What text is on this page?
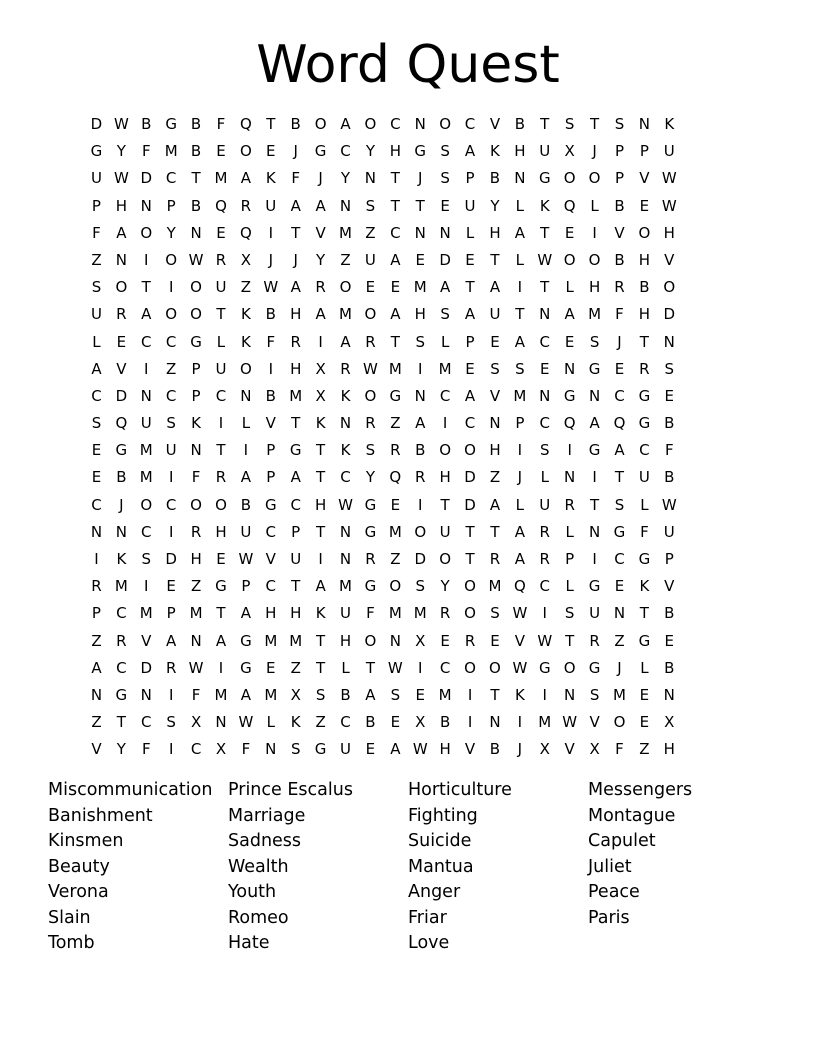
Word Quest
D W B G B	F Q T	B O A O C N O C V B	T	S	T	S N K
G Y	F M B	E O E	J	G C	Y H G S	A K H U X	J	P	P U
U W D C	T M A K	F	J	Y N T	J	S	P	B N G O O P	V W
P H N P	B Q R U A A N S	T	T	E U Y	L	K Q L	B	E W
F	A O Y N E Q	I	T	V M Z C N N	L	H A	T	E	I	V O H
Z N	I	O W R X	J	J	Y	Z U A	E D E	T	L W O O B H V
S O T	I	O U Z W A R O E	E M A	T	A	I	T	L	H R B O
U R A O O T	K B H A M O A H S	A U T N A M F H D
L	E C C G L	K	F	R	I	A R	T	S	L	P	E	A C E	S	J	T N
A V	I	Z	P U O	I	H X R W M	I	M E	S	S	E N G E R S
C D N C	P	C N B M X K O G N C A V M N G N C G E
S Q U S	K	I	L	V	T	K N R Z A	I	C N P	C Q A Q G B
E G M U N T	I	P G T	K	S R B O O H	I	S	I	G A C	F
E	B M	I	F	R A	P	A	T	C	Y Q R H D Z	J	L	N	I	T U B
C	J	O C O O B G C H W G E	I	T D A	L	U R	T	S	L W
N N C	I	R H U C	P	T N G M O U T	T	A R	L	N G F	U
I	K	S D H E W V U	I	N R Z D O T	R A R	P	I	C G P
R M	I	E	Z G P	C	T	A M G O S	Y O M Q C	L G E	K V
P	C M P M T	A H H K U	F M M R O S W	I	S U N T	B
Z R V A N A G M M T H O N X	E R E	V W T	R Z G E
A C D R W	I	G E	Z	T	L	T W	I	C O O W G O G	J	L	B
N G N	I	F M A M X	S B A	S	E M	I	T	K	I	N S M E N
Z	T	C S	X N W L	K Z C B	E	X B	I	N	I	M W V O E	X
V	Y	F	I	C X	F N S G U E	A W H V B	J	X V X	F	Z H
Miscommunication
Banishment
Kinsmen
Beauty
Verona
Slain
Tomb
Prince Escalus
Marriage
Sadness
Wealth
Youth
Romeo
Hate
Horticulture
Fighting
Suicide
Mantua
Anger
Friar
Love
Messengers
Montague
Capulet
Juliet
Peace
Paris
